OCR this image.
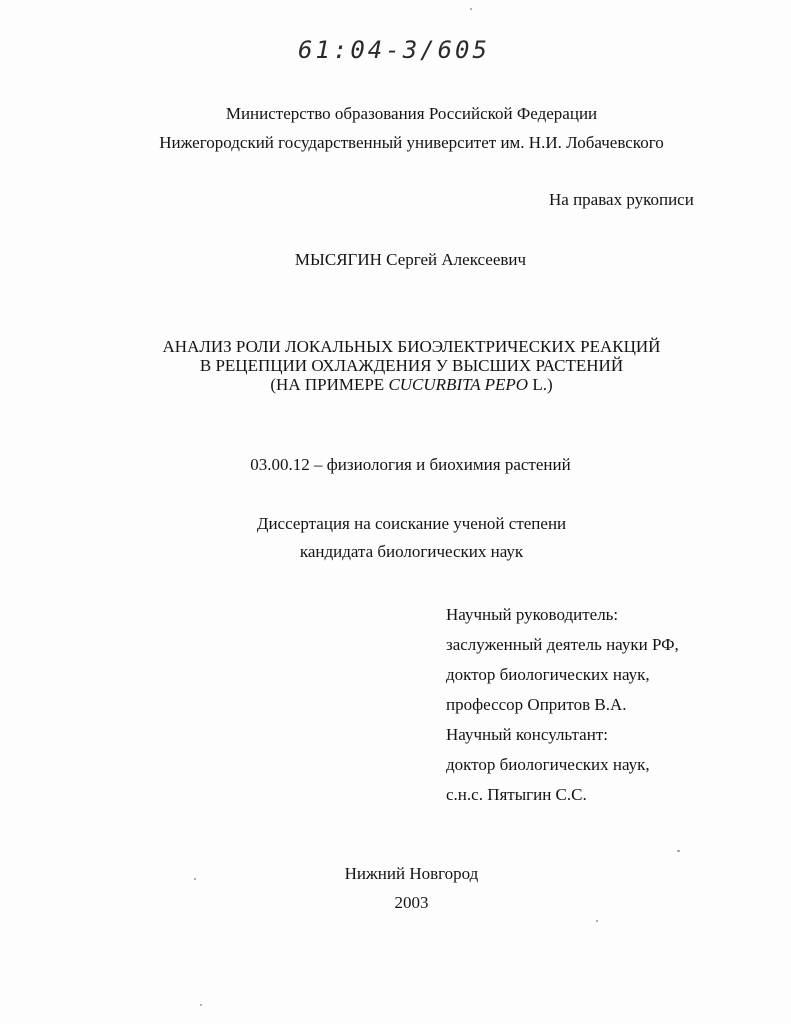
61:04-3/605
Министерство образования Российской Федерации
Нижегородский государственный университет им. Н.И. Лобачевского
На правах рукописи
МЫСЯГИН Сергей Алексеевич
АНАЛИЗ РОЛИ ЛОКАЛЬНЫХ БИОЭЛЕКТРИЧЕСКИХ РЕАКЦИЙ
В РЕЦЕПЦИИ ОХЛАЖДЕНИЯ У ВЫСШИХ РАСТЕНИЙ
(НА ПРИМЕРЕ CUCURBITA PEPO L.)
03.00.12 – физиология и биохимия растений
Диссертация на соискание ученой степени
кандидата биологических наук
Научный руководитель:
заслуженный деятель науки РФ,
доктор биологических наук,
профессор Опритов В.А.
Научный консультант:
доктор биологических наук,
с.н.с. Пятыгин С.С.
Нижний Новгород
2003
